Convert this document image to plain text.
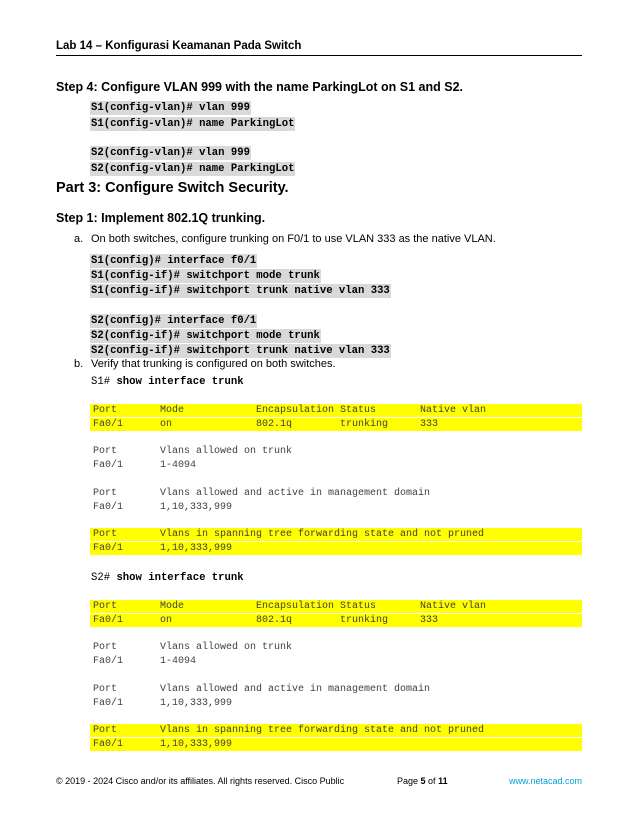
Lab 14 – Konfigurasi Keamanan Pada Switch
Step 4: Configure VLAN 999 with the name ParkingLot on S1 and S2.
S1(config-vlan)# vlan 999
S1(config-vlan)# name ParkingLot
S2(config-vlan)# vlan 999
S2(config-vlan)# name ParkingLot
Part 3: Configure Switch Security.
Step 1: Implement 802.1Q trunking.
a. On both switches, configure trunking on F0/1 to use VLAN 333 as the native VLAN.
S1(config)# interface f0/1
S1(config-if)# switchport mode trunk
S1(config-if)# switchport trunk native vlan 333
S2(config)# interface f0/1
S2(config-if)# switchport mode trunk
S2(config-if)# switchport trunk native vlan 333
b. Verify that trunking is configured on both switches.
S1# show interface trunk
Port	Mode	Encapsulation Status	Native vlan
Fa0/1	on	802.1q	trunking	333
Port	Vlans allowed on trunk
Fa0/1	1-4094
Port	Vlans allowed and active in management domain
Fa0/1	1,10,333,999
Port	Vlans in spanning tree forwarding state and not pruned
Fa0/1	1,10,333,999
S2# show interface trunk
Port	Mode	Encapsulation Status	Native vlan
Fa0/1	on	802.1q	trunking	333
Port	Vlans allowed on trunk
Fa0/1	1-4094
Port	Vlans allowed and active in management domain
Fa0/1	1,10,333,999
Port	Vlans in spanning tree forwarding state and not pruned
Fa0/1	1,10,333,999
© 2019 - 2024 Cisco and/or its affiliates. All rights reserved. Cisco Public	Page 5 of 11	www.netacad.com
